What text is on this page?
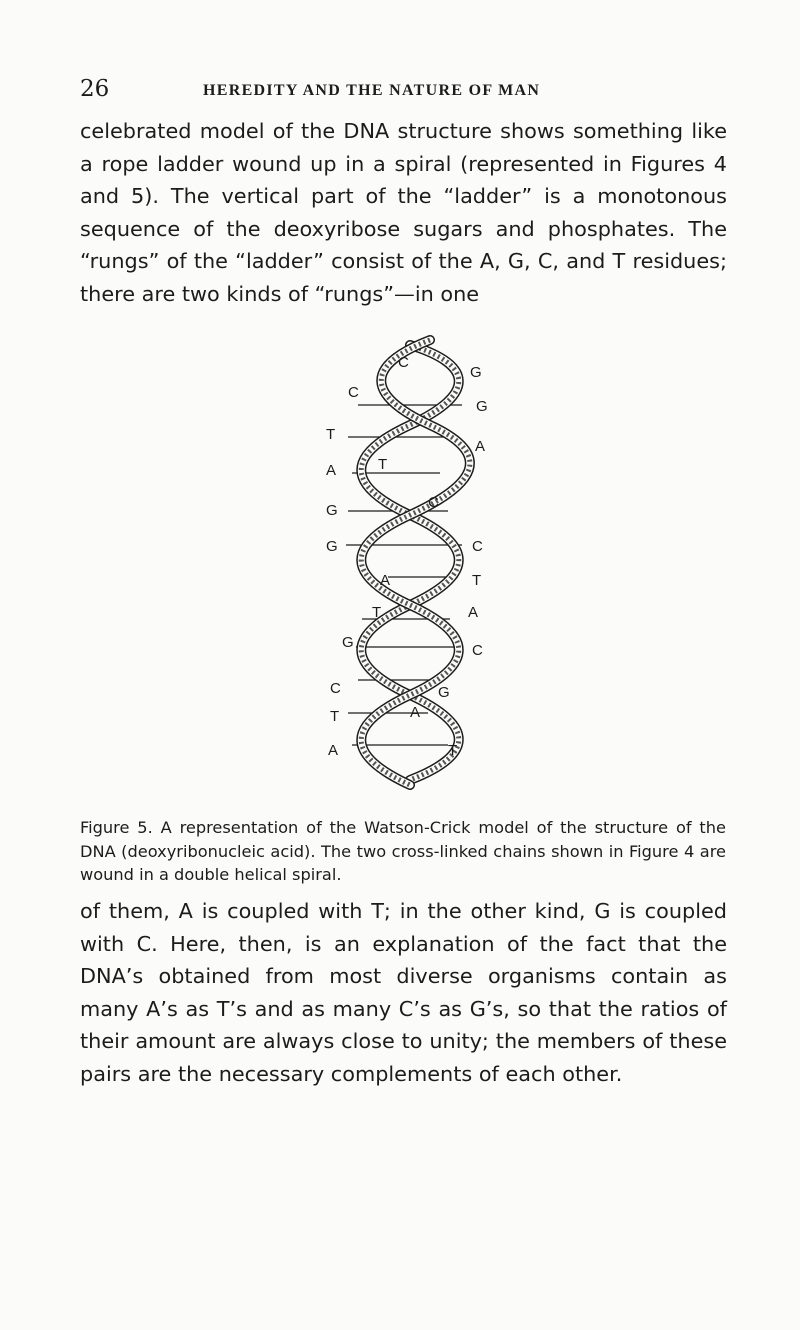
26	HEREDITY AND THE NATURE OF MAN

celebrated model of the DNA structure shows something like a rope ladder wound up in a spiral (represented in Figures 4 and 5). The vertical part of the “ladder” is a monotonous sequence of the deoxyribose sugars and phosphates. The “rungs” of the “ladder” consist of the A, G, C, and T residues; there are two kinds of “rungs”—in one

C
G
C
G
T
A
A	T
G	C
G	C
A	T
T	A
G	C
G
C
T	A
A	T

Figure 5. A representation of the Watson-Crick model of the structure of the DNA (deoxyribonucleic acid). The two cross-linked chains shown in Figure 4 are wound in a double helical spiral.

of them, A is coupled with T; in the other kind, G is coupled with C. Here, then, is an explanation of the fact that the DNA’s obtained from most diverse organisms contain as many A’s as T’s and as many C’s as G’s, so that the ratios of their amount are always close to unity; the members of these pairs are the necessary complements of each other.
